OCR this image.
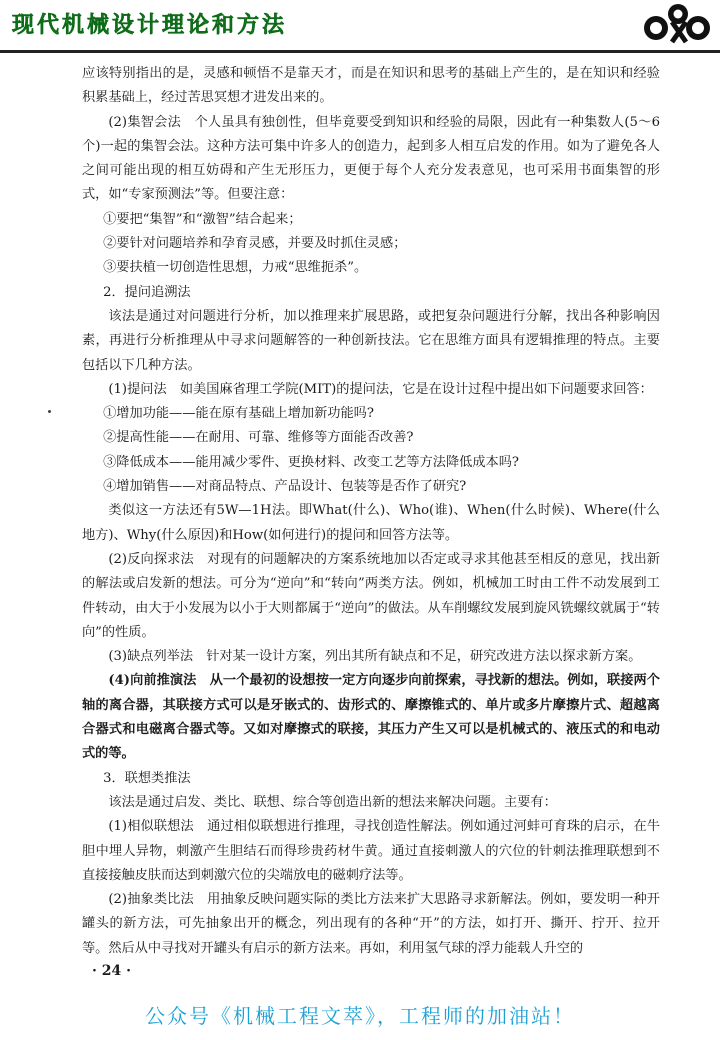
现代机械设计理论和方法

应该特别指出的是，灵感和顿悟不是靠天才，而是在知识和思考的基础上产生的，是在知识和经验积累基础上，经过苦思冥想才进发出来的。

(2)集智会法　个人虽具有独创性，但毕竟要受到知识和经验的局限，因此有一种集数人(5～6个)一起的集智会法。这种方法可集中许多人的创造力，起到多人相互启发的作用。如为了避免各人之间可能出现的相互妨碍和产生无形压力，更便于每个人充分发表意见，也可采用书面集智的形式，如“专家预测法”等。但要注意：

①要把“集智”和“激智”结合起来；

②要针对问题培养和孕育灵感，并要及时抓住灵感；

③要扶植一切创造性思想，力戒“思维扼杀”。

2．提问追溯法

该法是通过对问题进行分析，加以推理来扩展思路，或把复杂问题进行分解，找出各种影响因素，再进行分析推理从中寻求问题解答的一种创新技法。它在思维方面具有逻辑推理的特点。主要包括以下几种方法。

(1)提问法　如美国麻省理工学院(MIT)的提问法，它是在设计过程中提出如下问题要求回答：

①增加功能——能在原有基础上增加新功能吗?

②提高性能——在耐用、可靠、维修等方面能否改善?

③降低成本——能用减少零件、更换材料、改变工艺等方法降低成本吗?

④增加销售——对商品特点、产品设计、包装等是否作了研究?

类似这一方法还有5W—1H法。即What(什么)、Who(谁)、When(什么时候)、Where(什么地方)、Why(什么原因)和How(如何进行)的提问和回答方法等。

(2)反向探求法　对现有的问题解决的方案系统地加以否定或寻求其他甚至相反的意见，找出新的解法或启发新的想法。可分为“逆向”和“转向”两类方法。例如，机械加工时由工件不动发展到工件转动，由大于小发展为以小于大则都属于“逆向”的做法。从车削螺纹发展到旋风铣螺纹就属于“转向”的性质。

(3)缺点列举法　针对某一设计方案，列出其所有缺点和不足，研究改进方法以探求新方案。

(4)向前推演法　从一个最初的设想按一定方向逐步向前探索，寻找新的想法。例如，联接两个轴的离合器，其联接方式可以是牙嵌式的、齿形式的、摩擦锥式的、单片或多片摩擦片式、超越离合器式和电磁离合器式等。又如对摩擦式的联接，其压力产生又可以是机械式的、液压式的和电动式的等。

3．联想类推法

该法是通过启发、类比、联想、综合等创造出新的想法来解决问题。主要有：

(1)相似联想法　通过相似联想进行推理，寻找创造性解法。例如通过河蚌可育珠的启示，在牛胆中埋人异物，刺激产生胆结石而得珍贵药材牛黄。通过直接刺激人的穴位的针刺法推理联想到不直接接触皮肤而达到刺激穴位的尖端放电的磁刺疗法等。

(2)抽象类比法　用抽象反映问题实际的类比方法来扩大思路寻求新解法。例如，要发明一种开罐头的新方法，可先抽象出开的概念，列出现有的各种“开”的方法，如打开、撕开、拧开、拉开等。然后从中寻找对开罐头有启示的新方法来。再如，利用氢气球的浮力能载人升空的

· 24 ·
公众号《机械工程文萃》，工程师的加油站！
